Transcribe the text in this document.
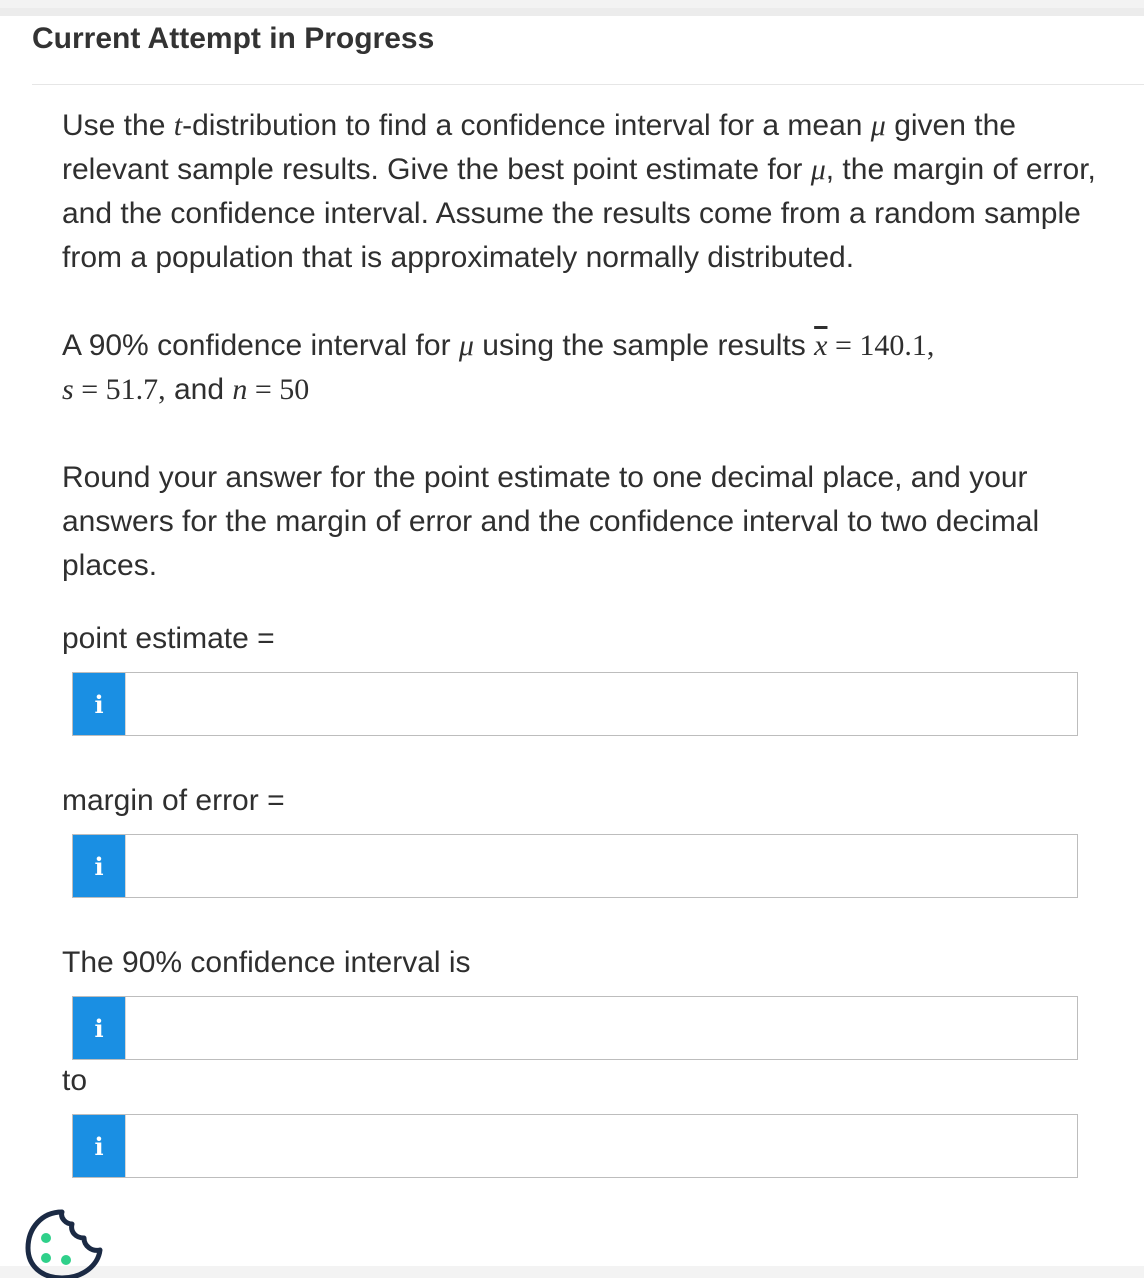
Current Attempt in Progress

Use the t-distribution to find a confidence interval for a mean μ given the relevant sample results. Give the best point estimate for μ, the margin of error, and the confidence interval. Assume the results come from a random sample from a population that is approximately normally distributed.

A 90% confidence interval for μ using the sample results $\overline{x} = 140.1$,
s = 51.7, and n = 50

Round your answer for the point estimate to one decimal place, and your answers for the margin of error and the confidence interval to two decimal places.

point estimate =
i
margin of error =
i
The 90% confidence interval is
i
to
i
